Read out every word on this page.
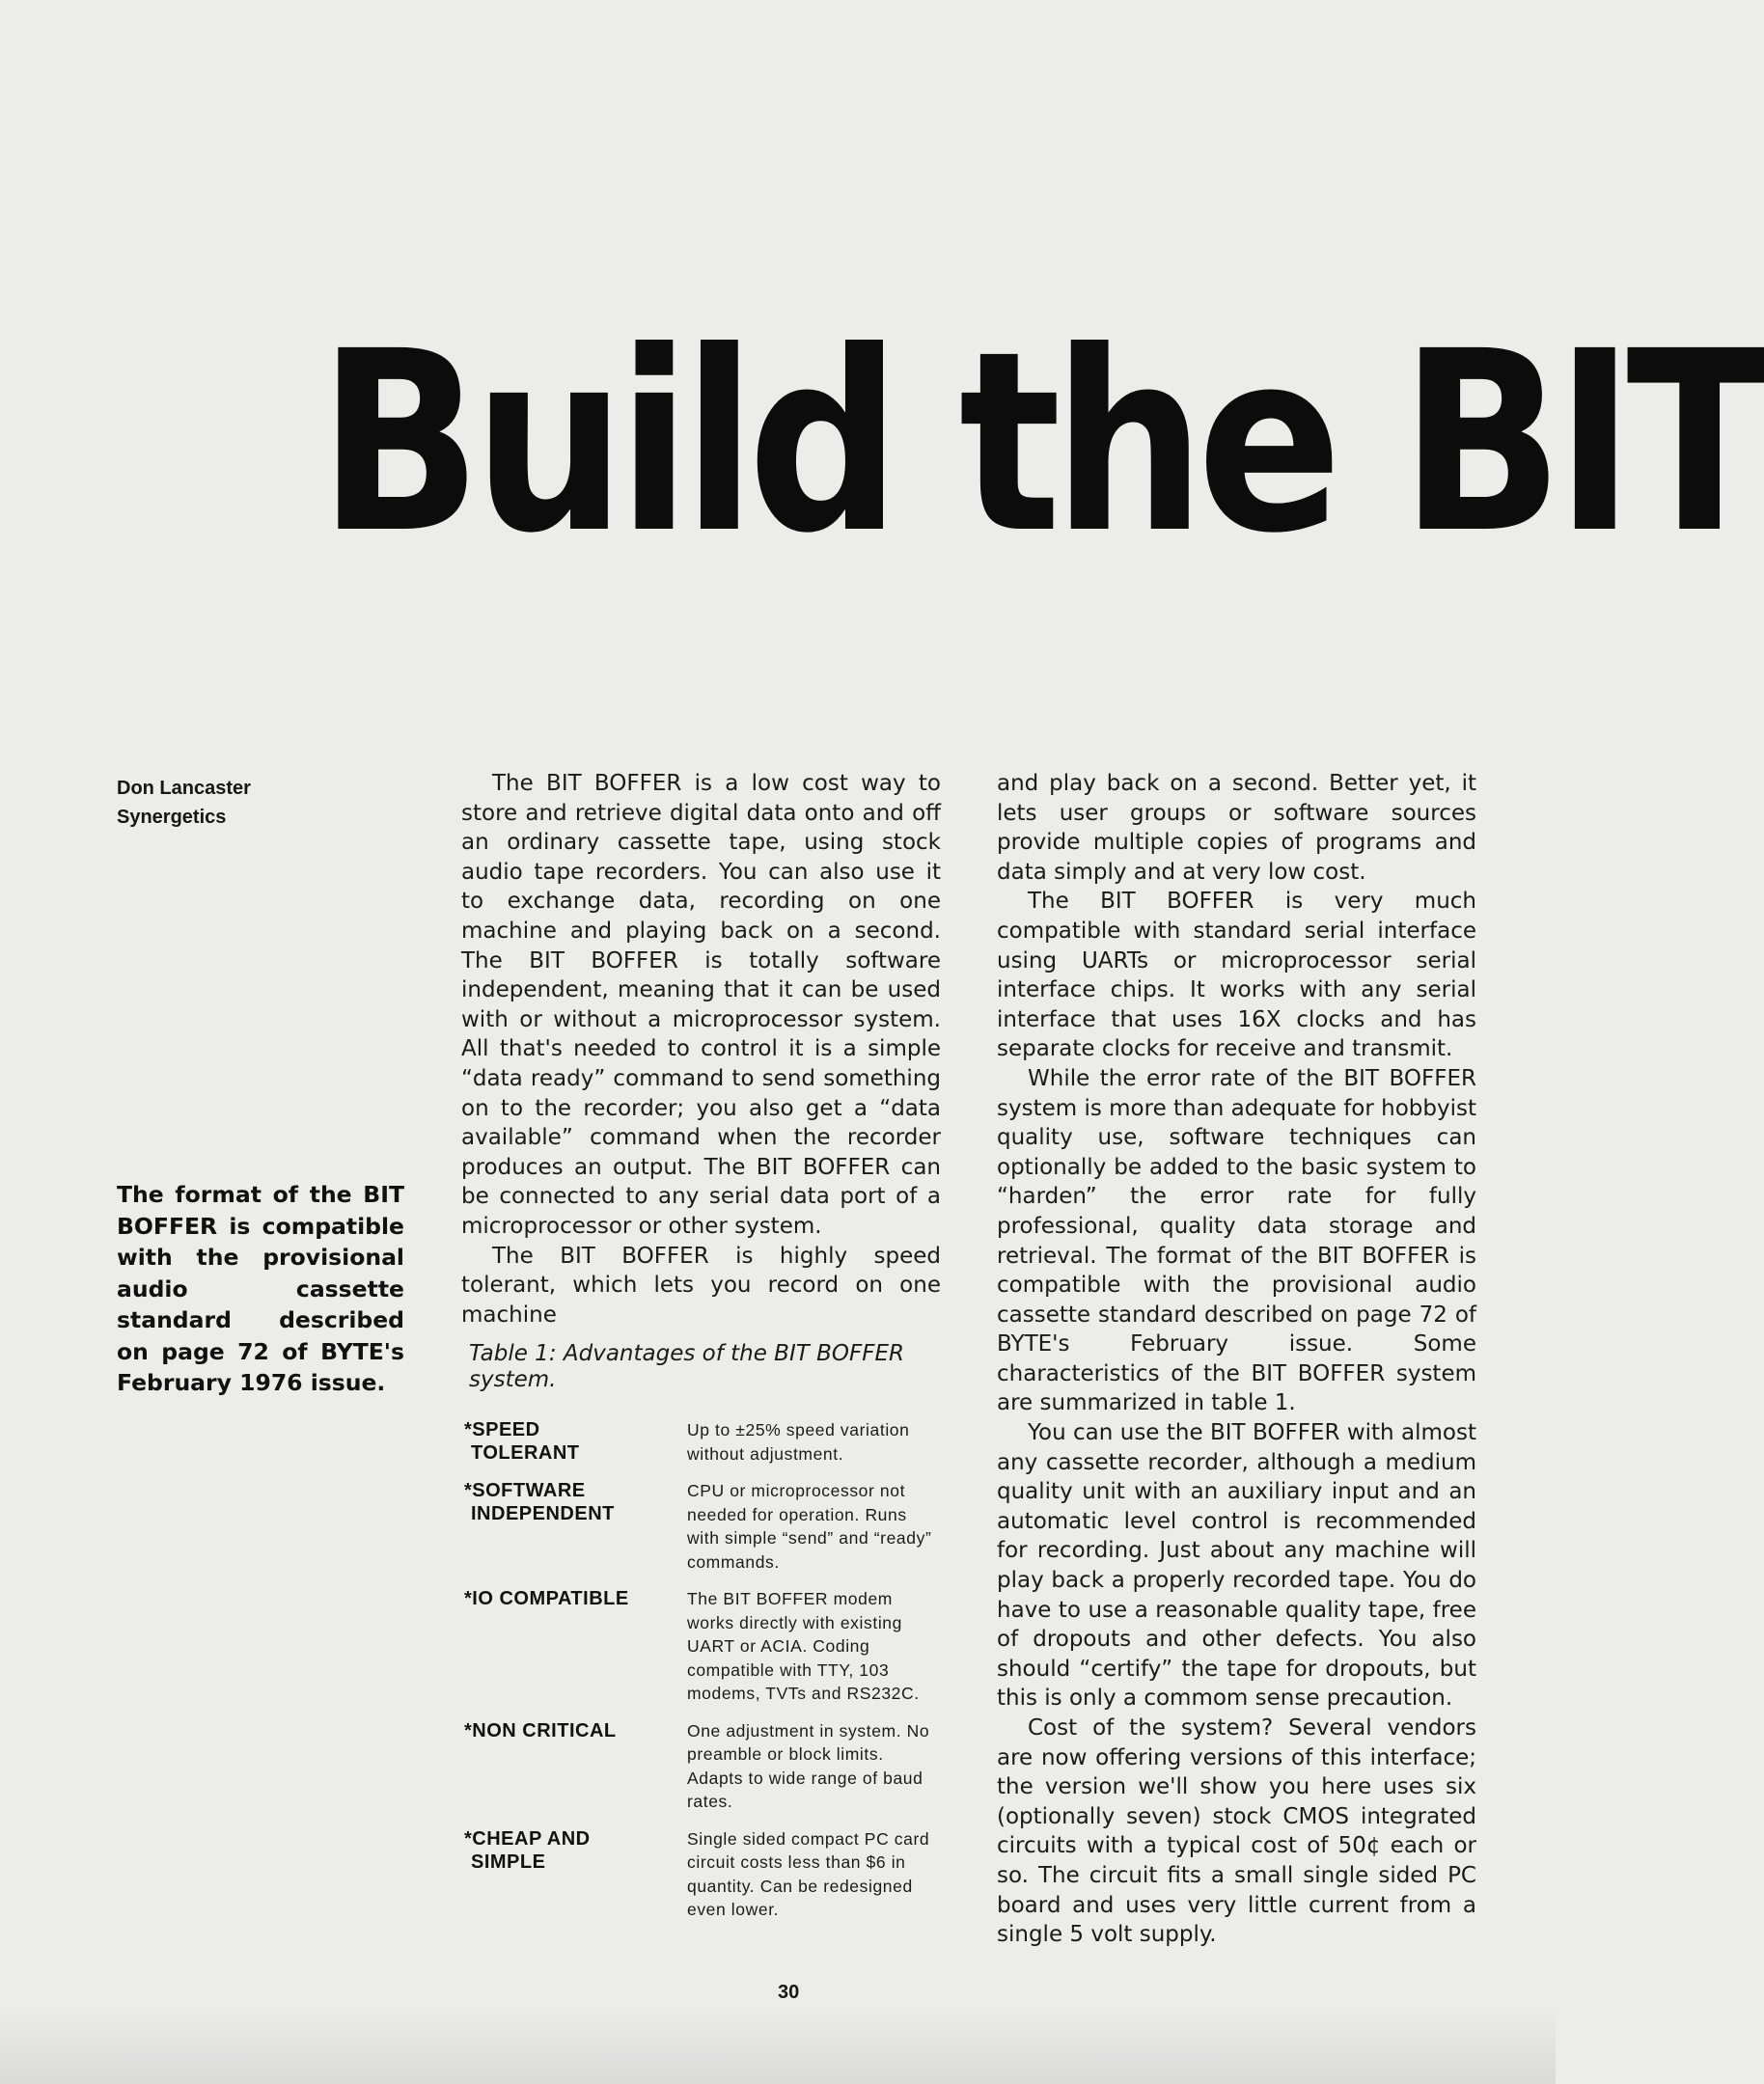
Build the BIT
Don Lancaster
Synergetics
The format of the BIT BOFFER is compatible with the provisional audio cassette standard described on page 72 of BYTE's February 1976 issue.

The BIT BOFFER is a low cost way to store and retrieve digital data onto and off an ordinary cassette tape, using stock audio tape recorders. You can also use it to exchange data, recording on one machine and playing back on a second. The BIT BOFFER is totally software independent, meaning that it can be used with or without a microprocessor system. All that's needed to control it is a simple “data ready” command to send something on to the recorder; you also get a “data available” command when the recorder produces an output. The BIT BOFFER can be connected to any serial data port of a microprocessor or other system.

The BIT BOFFER is highly speed tolerant, which lets you record on one machine

Table 1: Advantages of the BIT BOFFER system.
*SPEED
TOLERANT
Up to ±25% speed variation without adjustment.
*SOFTWARE
INDEPENDENT
CPU or microprocessor not needed for operation. Runs with simple “send” and “ready” commands.
*IO COMPATIBLE	The BIT BOFFER modem works directly with existing UART or ACIA. Coding compatible with TTY, 103 modems, TVTs and RS232C.
*NON CRITICAL	One adjustment in system. No preamble or block limits. Adapts to wide range of baud rates.
*CHEAP AND
SIMPLE
Single sided compact PC card circuit costs less than $6 in quantity. Can be redesigned even lower.

and play back on a second. Better yet, it lets user groups or software sources provide multiple copies of programs and data simply and at very low cost.

The BIT BOFFER is very much compatible with standard serial interface using UARTs or microprocessor serial interface chips. It works with any serial interface that uses 16X clocks and has separate clocks for receive and transmit.

While the error rate of the BIT BOFFER system is more than adequate for hobbyist quality use, software techniques can optionally be added to the basic system to “harden” the error rate for fully professional, quality data storage and retrieval. The format of the BIT BOFFER is compatible with the provisional audio cassette standard described on page 72 of BYTE's February issue. Some characteristics of the BIT BOFFER system are summarized in table 1.

You can use the BIT BOFFER with almost any cassette recorder, although a medium quality unit with an auxiliary input and an automatic level control is recommended for recording. Just about any machine will play back a properly recorded tape. You do have to use a reasonable quality tape, free of dropouts and other defects. You also should “certify” the tape for dropouts, but this is only a commom sense precaution.

Cost of the system? Several vendors are now offering versions of this interface; the version we'll show you here uses six (optionally seven) stock CMOS integrated circuits with a typical cost of 50¢ each or so. The circuit fits a small single sided PC board and uses very little current from a single 5 volt supply.

30
